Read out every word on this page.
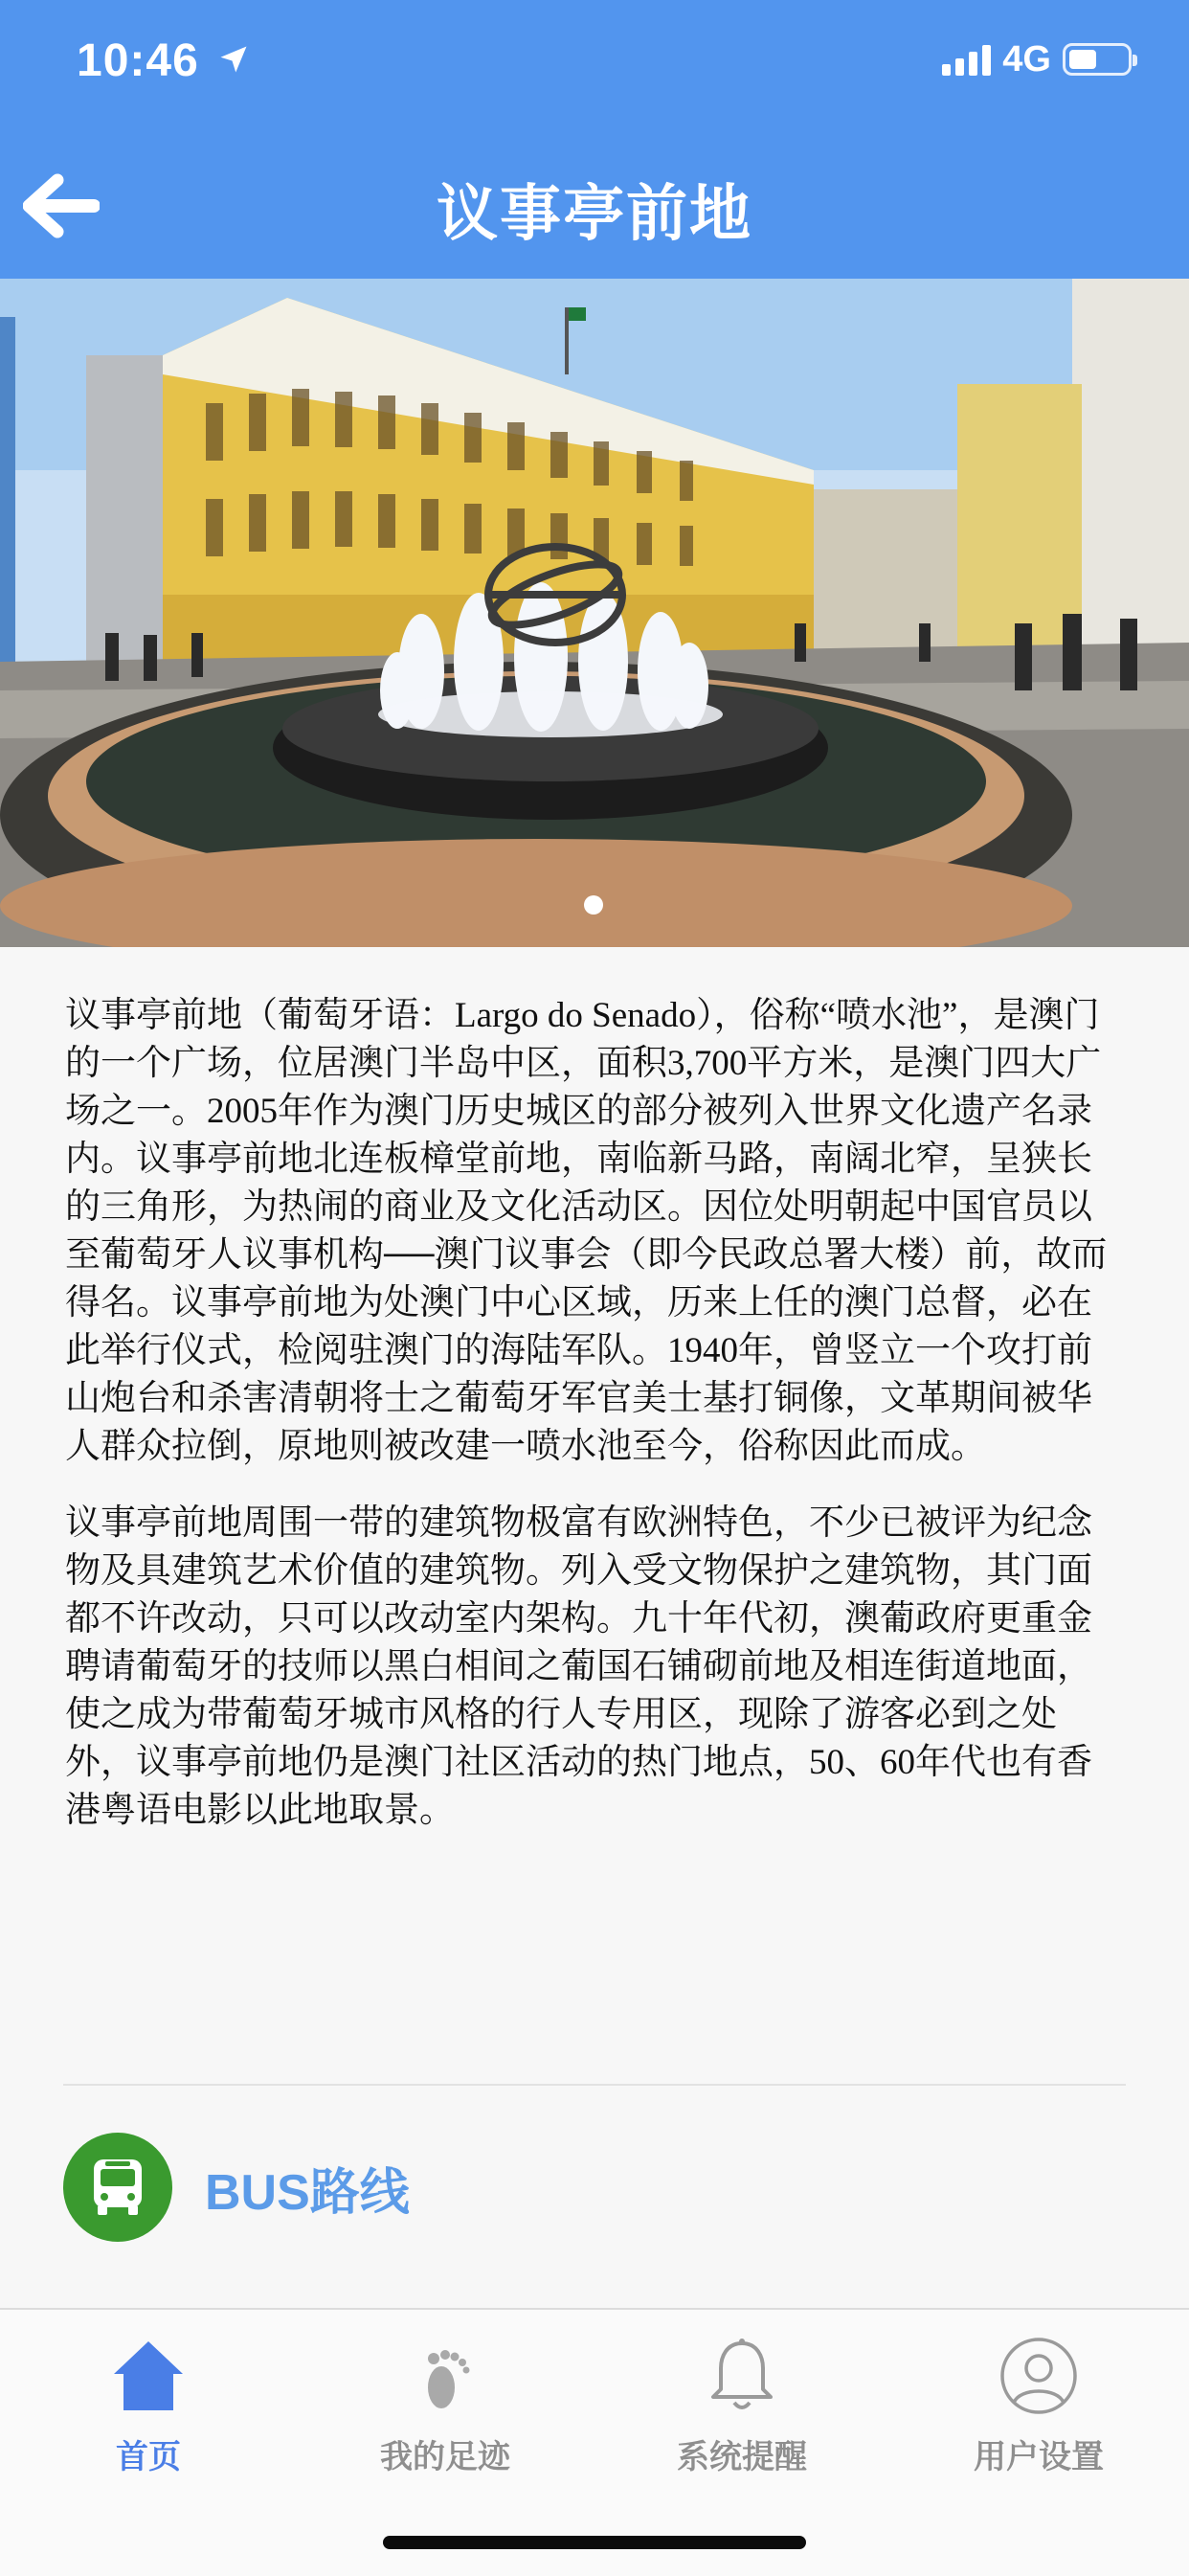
10:46	4G
议事亭前地

议事亭前地（葡萄牙语：Largo do Senado），俗称“喷水池”，是澳门的一个广场，位居澳门半岛中区，面积3,700平方米，是澳门四大广场之一。2005年作为澳门历史城区的部分被列入世界文化遗产名录内。议事亭前地北连板樟堂前地，南临新马路，南阔北窄，呈狭长的三角形，为热闹的商业及文化活动区。因位处明朝起中国官员以至葡萄牙人议事机构──澳门议事会（即今民政总署大楼）前，故而得名。议事亭前地为处澳门中心区域，历来上任的澳门总督，必在此举行仪式，检阅驻澳门的海陆军队。1940年，曾竖立一个攻打前山炮台和杀害清朝将士之葡萄牙军官美士基打铜像，文革期间被华人群众拉倒，原地则被改建一喷水池至今，俗称因此而成。

议事亭前地周围一带的建筑物极富有欧洲特色，不少已被评为纪念物及具建筑艺术价值的建筑物。列入受文物保护之建筑物，其门面都不许改动，只可以改动室内架构。九十年代初，澳葡政府更重金聘请葡萄牙的技师以黑白相间之葡国石铺砌前地及相连街道地面，使之成为带葡萄牙城市风格的行人专用区，现除了游客必到之处外，议事亭前地仍是澳门社区活动的热门地点，50、60年代也有香港粤语电影以此地取景。

BUS路线
首页	我的足迹	系统提醒	用户设置
